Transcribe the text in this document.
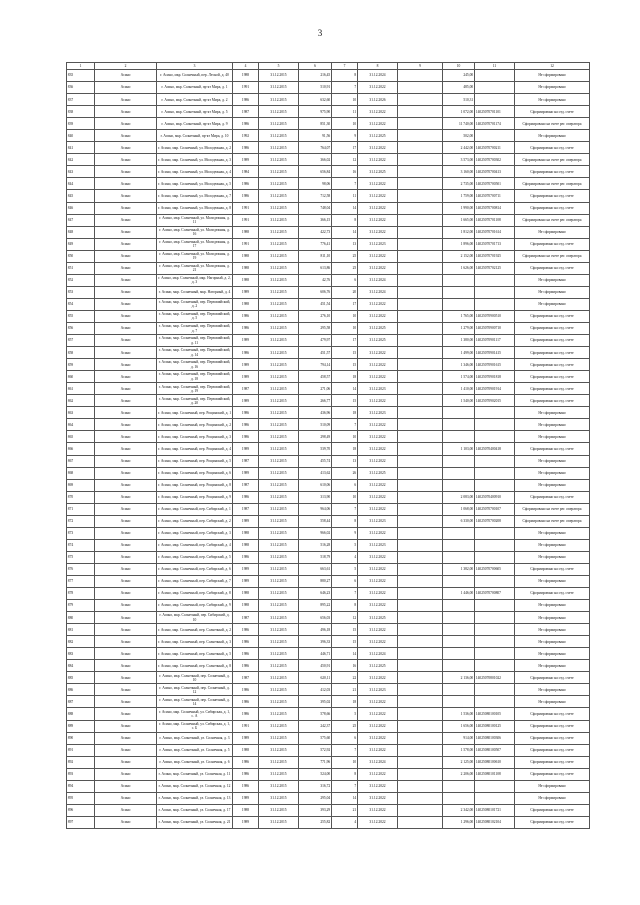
3
1	2	3	4	5	6	7	8	9	10	11	12
835	Асино	г. Асино, мкр. Солнечный, пер. Лесной, д. 40	1988	31.12.2015	216,45	8	31.12.2024		245,00		Не сформировано
836	Асино	г. Асино, мкр. Солнечный, пр-кт Мира, д. 1	1991	31.12.2015	510,91	7	31.12.2022		485,00		Не сформировано
837	Асино	г. Асино, мкр. Солнечный, пр-кт Мира, д. 2	1986	31.12.2015	632,60	10	31.12.2026		510,31		Не сформировано
838	Асино	г. Асино, мкр. Солнечный, пр-кт Мира, д. 5	1987	31.12.2015	975,90	11	31.12.2022		1 072,00	14025070701101	Сформировано на отд. счете
839	Асино	г. Асино, мкр. Солнечный, пр-кт Мира, д. 9	1986	31.12.2015	851,30	10	31.12.2022		11 740,00	14025070701174	Сформировано на счете рег. оператора
840	Асино	г. Асино, мкр. Солнечный, пр-кт Мира, д. 10	1992	31.12.2015	91,56	9	31.12.2025		502,00		Не сформировано
841	Асино	г. Асино, мкр. Солнечный, ул. Молодежная, д. 2	1986	31.12.2015	764,07	17	31.12.2022		2 442,00	14025070700211	Сформировано на отд. счете
842	Асино	г. Асино, мкр. Солнечный, ул. Молодежная, д. 3	1989	31.12.2015	366,02	12	31.12.2022		3 573,00	14025070700302	Сформировано на счете рег. оператора
843	Асино	г. Асино, мкр. Солнечный, ул. Молодежная, д. 4	1984	31.12.2015	656,84	16	31.12.2025		3 160,00	14025070700413	Сформировано на отд. счете
844	Асино	г. Асино, мкр. Солнечный, ул. Молодежная, д. 5	1986	31.12.2015	98,06	7	31.12.2022		2 735,00	14025070700501	Сформировано на счете рег. оператора
845	Асино	г. Асино, мкр. Солнечный, ул. Молодежная, д. 7	1986	31.12.2015	712,58	11	31.12.2022		1 759,00	14025070700711	Сформировано на отд. счете
846	Асино	г. Асино, мкр. Солнечный, ул. Молодежная, д. 8	1991	31.12.2015	748,04	14	31.12.2022		1 990,00	14025070700814	Сформировано на отд. счете
847	Асино	г. Асино, мкр. Солнечный, ул. Молодежная, д. 11	1991	31.12.2015	366,15	8	31.12.2022		1 665,00	14025070701108	Сформировано на счете рег. оператора
848	Асино	г. Асино, мкр. Солнечный, ул. Молодежная, д. 16	1988	31.12.2015	422,73	14	31.12.2022		1 812,00	14025070701614	Не сформировано
849	Асино	г. Асино, мкр. Солнечный, ул. Молодежная, д. 17	1991	31.12.2015	776,41	13	31.12.2023		1 896,00	14025070701713	Сформировано на отд. счете
850	Асино	г. Асино, мкр. Солнечный, ул. Молодежная, д. 19	1988	31.12.2015	811,10	25	31.12.2022		2 152,00	14025070701925	Сформировано на счете рег. оператора
851	Асино	г. Асино, мкр. Солнечный, ул. Молодежная, д. 21	1988	31.12.2015	613,86	25	31.12.2022		1 626,00	14025070702125	Сформировано на отд. счете
852	Асино	г. Асино, мкр. Солнечный, мкр. Нагорный, д. 2, д. 3	1988	31.12.2015	42,76	6	31.12.2024				Не сформировано
853	Асино	г. Асино, мкр. Солнечный, мкр. Нагорный, д. 4	1989	31.12.2015	606,76	20	31.12.2024				Не сформировано
854	Асино	г. Асино, мкр. Солнечный, пер. Первомайский, д. 2	1988	31.12.2015	451,54	17	31.12.2022				Не сформировано
855	Асино	г. Асино, мкр. Солнечный, пер. Первомайский, д. 5	1986	31.12.2015	276,10	10	31.12.2022		1 765,00	14025070900510	Сформировано на отд. счете
856	Асино	г. Асино, мкр. Солнечный, пер. Первомайский, д. 7	1986	31.12.2015	295,58	10	31.12.2025		1 279,00	14025070900710	Сформировано на отд. счете
857	Асино	г. Асино, мкр. Солнечный, пер. Первомайский, д. 11	1989	31.12.2015	479,97	17	31.12.2025		1 380,00	14025070901117	Сформировано на отд. счете
858	Асино	г. Асино, мкр. Солнечный, пер. Первомайский, д. 14	1986	31.12.2015	451,57	15	31.12.2022		1 499,00	14025070901415	Сформировано на отд. счете
859	Асино	г. Асино, мкр. Солнечный, пер. Первомайский, д. 16	1989	31.12.2015	794,14	15	31.12.2022		1 346,00	14025070901615	Сформировано на отд. счете
860	Асино	г. Асино, мкр. Солнечный, пер. Первомайский, д. 18	1989	31.12.2015	458,57	18	31.12.2022		1 574,00	14025070901818	Сформировано на отд. счете
861	Асино	г. Асино, мкр. Солнечный, пер. Первомайский, д. 19	1987	31.12.2015	271,06	14	31.12.2023		1 410,00	14025070901914	Сформировано на отд. счете
862	Асино	г. Асино, мкр. Солнечный, пер. Первомайский, д. 20	1989	31.12.2015	266,77	15	31.12.2022		1 540,00	14025070902015	Сформировано на отд. счете
863	Асино	г. Асино, мкр. Солнечный, пер. Рощинский, д. 1	1986	31.12.2015	436,96	18	31.12.2023				Не сформировано
864	Асино	г. Асино, мкр. Солнечный, пер. Рощинский, д. 2	1986	31.12.2015	510,09	7	31.12.2022				Не сформировано
865	Асино	г. Асино, мкр. Солнечный, пер. Рощинский, д. 3	1986	31.12.2015	298,49	10	31.12.2022				Не сформировано
866	Асино	г. Асино, мкр. Солнечный, пер. Рощинский, д. 4	1989	31.12.2015	539,70	18	31.12.2022		1 103,00	14025070400418	Сформировано на отд. счете
867	Асино	г. Асино, мкр. Солнечный, пер. Рощинский, д. 5	1987	31.12.2015	455,74	13	31.12.2022				Не сформировано
868	Асино	г. Асино, мкр. Солнечный, пер. Рощинский, д. 6	1989	31.12.2015	413,62	26	31.12.2025				Не сформировано
869	Асино	г. Асино, мкр. Солнечный, пер. Рощинский, д. 8	1987	31.12.2015	610,06	6	31.12.2022				Не сформировано
870	Асино	г. Асино, мкр. Солнечный, пер. Рощинский, д. 9	1986	31.12.2015	313,90	10	31.12.2022		2 083,00	14025070400910	Сформировано на отд. счете
871	Асино	г. Асино, мкр. Солнечный, пер. Сибирский, д. 1	1987	31.12.2015	964,06	7	31.12.2022		1 068,00	14025070700107	Сформировано на счете рег. оператора
872	Асино	г. Асино, мкр. Солнечный, пер. Сибирский, д. 2	1989	31.12.2015	558,44	8	31.12.2023		6 330,00	14025070700208	Сформировано на счете рег. оператора
873	Асино	г. Асино, мкр. Солнечный, пер. Сибирский, д. 3	1988	31.12.2015	966,02	9	31.12.2022				Не сформировано
874	Асино	г. Асино, мкр. Солнечный, пер. Сибирский, д. 4	1988	31.12.2015	516,28	5	31.12.2023				Не сформировано
875	Асино	г. Асино, мкр. Солнечный, пер. Сибирский, д. 5	1986	31.12.2015	518,79	4	31.12.2022				Не сформировано
876	Асино	г. Асино, мкр. Солнечный, пер. Сибирский, д. 6	1989	31.12.2015	663,61	5	31.12.2022		1 382,00	14025070700605	Сформировано на отд. счете
877	Асино	г. Асино, мкр. Солнечный, пер. Сибирский, д. 7	1989	31.12.2015	880,27	6	31.12.2022				Не сформировано
878	Асино	г. Асино, мкр. Солнечный, пер. Сибирский, д. 8	1988	31.12.2015	646,23	7	31.12.2022		1 446,00	14025070700807	Сформировано на отд. счете
879	Асино	г. Асино, мкр. Солнечный, пер. Сибирский, д. 9	1988	31.12.2015	895,22	8	31.12.2022				Не сформировано
880	Асино	г. Асино, мкр. Солнечный, пер. Сибирский, д. 10	1987	31.12.2015	656,03	12	31.12.2025				Не сформировано
881	Асино	г. Асино, мкр. Солнечный, пер. Солнечный, д. 2	1986	31.12.2015	496,18	15	31.12.2022				Не сформировано
882	Асино	г. Асино, мкр. Солнечный, пер. Солнечный, д. 3	1986	31.12.2015	396,33	15	31.12.2022				Не сформировано
883	Асино	г. Асино, мкр. Солнечный, пер. Солнечный, д. 5	1986	31.12.2015	446,71	14	31.12.2024				Не сформировано
884	Асино	г. Асино, мкр. Солнечный, пер. Солнечный, д. 8	1986	31.12.2015	450,91	16	31.12.2025				Не сформировано
885	Асино	г. Асино, мкр. Солнечный, пер. Солнечный, д. 10	1987	31.12.2015	620,11	22	31.12.2022		2 136,00	14025070801022	Сформировано на отд. счете
886	Асино	г. Асино, мкр. Солнечный, пер. Солнечный, д. 12	1986	31.12.2015	412,03	21	31.12.2023				Не сформировано
887	Асино	г. Асино, мкр. Солнечный, пер. Солнечный, д. 14	1986	31.12.2015	395,02	18	31.12.2022				Не сформировано
888	Асино	г. Асино, мкр. Солнечный, ул. Сибирская, д. 1, с. А	1986	31.12.2015	578,66	5	31.12.2022		1 536,00	14025080100105	Сформировано на отд. счете
889	Асино	г. Асино, мкр. Солнечный, ул. Сибирская, д. 1, с. Б	1991	31.12.2015	242,37	25	31.12.2022		1 656,00	14025080100125	Сформировано на отд. счете
890	Асино	г. Асино, мкр. Солнечный, ул. Солнечная, д. 3	1989	31.12.2015	575,60	6	31.12.2022		914,00	14025080100306	Сформировано на отд. счете
891	Асино	г. Асино, мкр. Солнечный, ул. Солнечная, д. 5	1988	31.12.2015	572,92	7	31.12.2022		1 578,00	14025080100507	Сформировано на отд. счете
892	Асино	г. Асино, мкр. Солнечный, ул. Солнечная, д. 6	1986	31.12.2015	771,96	10	31.12.2024		2 125,00	14025080100610	Сформировано на отд. счете
893	Асино	г. Асино, мкр. Солнечный, ул. Солнечная, д. 11	1986	31.12.2015	524,00	8	31.12.2022		2 206,00	14025080101108	Сформировано на отд. счете
894	Асино	г. Асино, мкр. Солнечный, ул. Солнечная, д. 12	1986	31.12.2015	316,72	7	31.12.2022				Не сформировано
895	Асино	г. Асино, мкр. Солнечный, ул. Солнечная, д. 13	1989	31.12.2015	295,04	14	31.12.2022				Не сформировано
896	Асино	г. Асино, мкр. Солнечный, ул. Солнечная, д. 17	1988	31.12.2015	393,29	21	31.12.2022		2 342,00	14025080101721	Сформировано на отд. счете
897	Асино	г. Асино, мкр. Солнечный, ул. Солнечная, д. 21	1989	31.12.2015	255,82	4	31.12.2022		1 296,00	14025080102104	Сформировано на отд. счете
